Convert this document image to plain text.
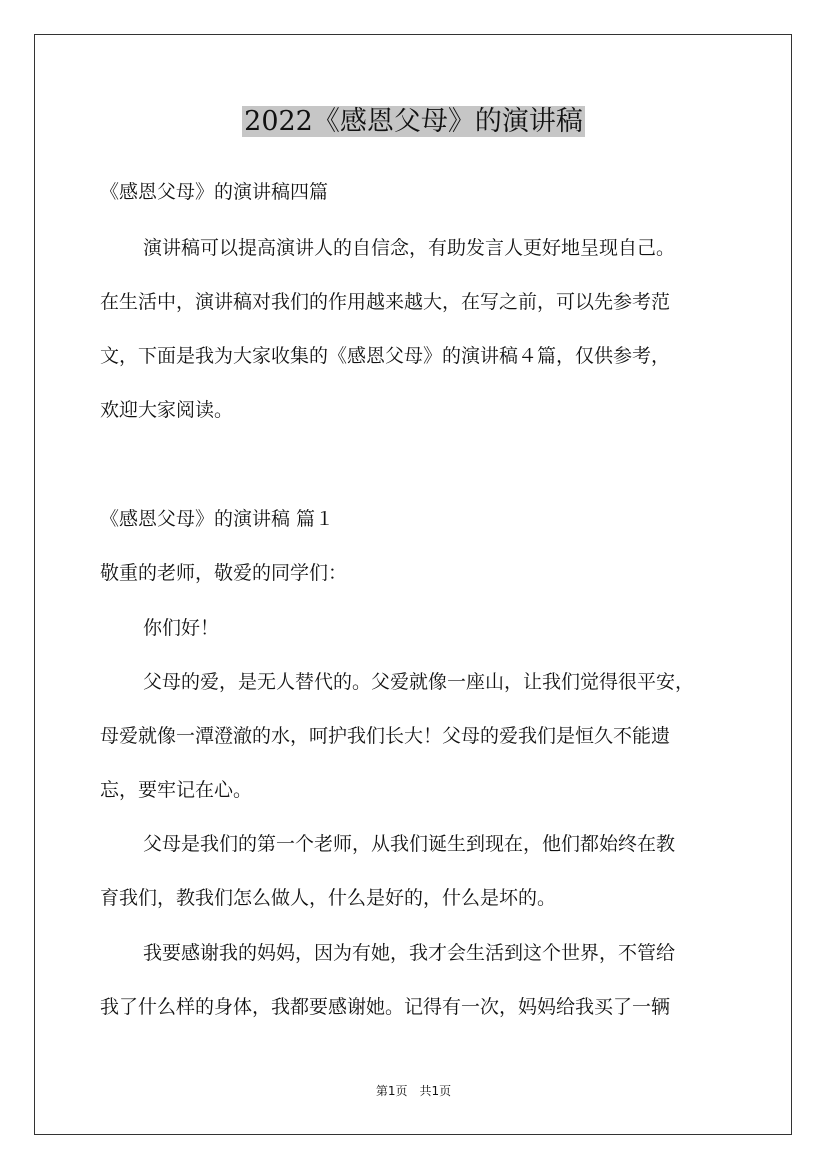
2022《感恩父母》的演讲稿
《感恩父母》的演讲稿四篇
演讲稿可以提高演讲人的自信念，有助发言人更好地呈现自己。
在生活中，演讲稿对我们的作用越来越大，在写之前，可以先参考范
文，下面是我为大家收集的《感恩父母》的演讲稿４篇，仅供参考，
欢迎大家阅读。
《感恩父母》的演讲稿 篇１
敬重的老师，敬爱的同学们：
你们好！
父母的爱，是无人替代的。父爱就像一座山，让我们觉得很平安，
母爱就像一潭澄澈的水，呵护我们长大！父母的爱我们是恒久不能遗
忘，要牢记在心。
父母是我们的第一个老师，从我们诞生到现在，他们都始终在教
育我们，教我们怎么做人，什么是好的，什么是坏的。
我要感谢我的妈妈，因为有她，我才会生活到这个世界，不管给
我了什么样的身体，我都要感谢她。记得有一次，妈妈给我买了一辆
第1页　共1页
